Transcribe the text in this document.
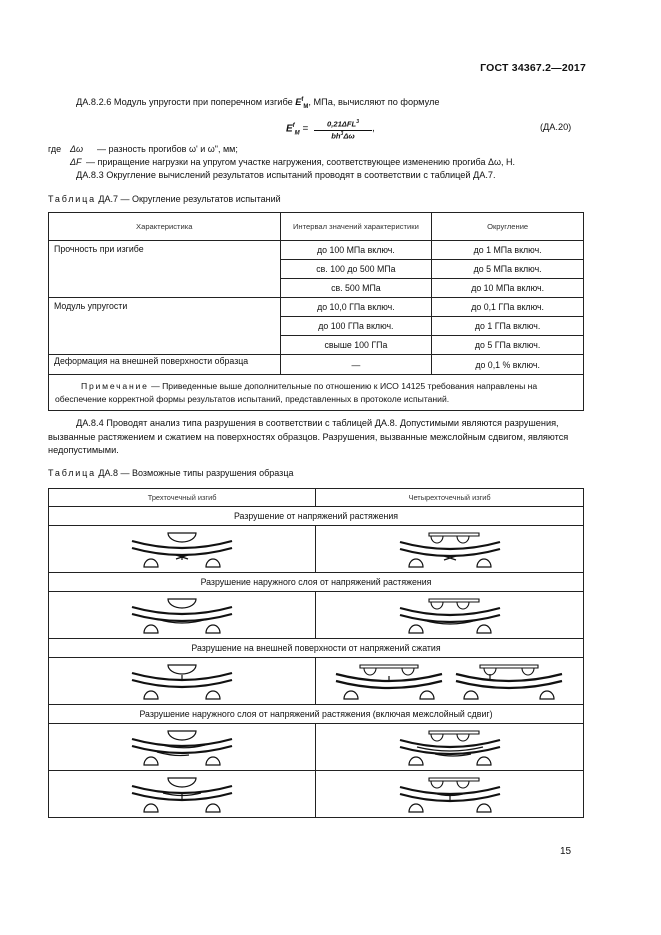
ГОСТ 34367.2—2017
ДА.8.2.6 Модуль упругости при поперечном изгибе $E^f_M$, МПа, вычисляют по формуле
$E^f_M$ =	$0,21\Delta FL^3$
$bh^3\Delta\omega$
,	(ДА.20)
где Δω — разность прогибов ω' и ω", мм;
ΔF — приращение нагрузки на упругом участке нагружения, соответствующее изменению прогиба Δω, Н.
ДА.8.3 Округление вычислений результатов испытаний проводят в соответствии с таблицей ДА.7.
Таблица ДА.7 — Округление результатов испытаний
Характеристика	Интервал значений характеристики	Округление
Прочность при изгибе	до 100 МПа включ.	до 1 МПа включ.
	св. 100 до 500 МПа	до 5 МПа включ.
	св. 500 МПа	до 10 МПа включ.
Модуль упругости	до 10,0 ГПа включ.	до 0,1 ГПа включ.
	до 100 ГПа включ.	до 1 ГПа включ.
	свыше 100 ГПа	до 5 ГПа включ.
Деформация на внешней поверхности образца	—	до 0,1 % включ.
Примечание — Приведенные выше дополнительные по отношению к ИСО 14125 требования направлены на обеспечение корректной формы результатов испытаний, представленных в протоколе испытаний.		
ДА.8.4 Проводят анализ типа разрушения в соответствии с таблицей ДА.8. Допустимыми являются разрушения, вызванные растяжением и сжатием на поверхностях образцов. Разрушения, вызванные межслойным сдвигом, являются недопустимыми.
Таблица ДА.8 — Возможные типы разрушения образца
Трехточечный изгиб	Четырехточечный изгиб
Разрушение от напряжений растяжения	

Разрушение наружного слоя от напряжений растяжения	

Разрушение на внешней поверхности от напряжений сжатия	

Разрушение наружного слоя от напряжений растяжения (включая межслойный сдвиг)	

15
